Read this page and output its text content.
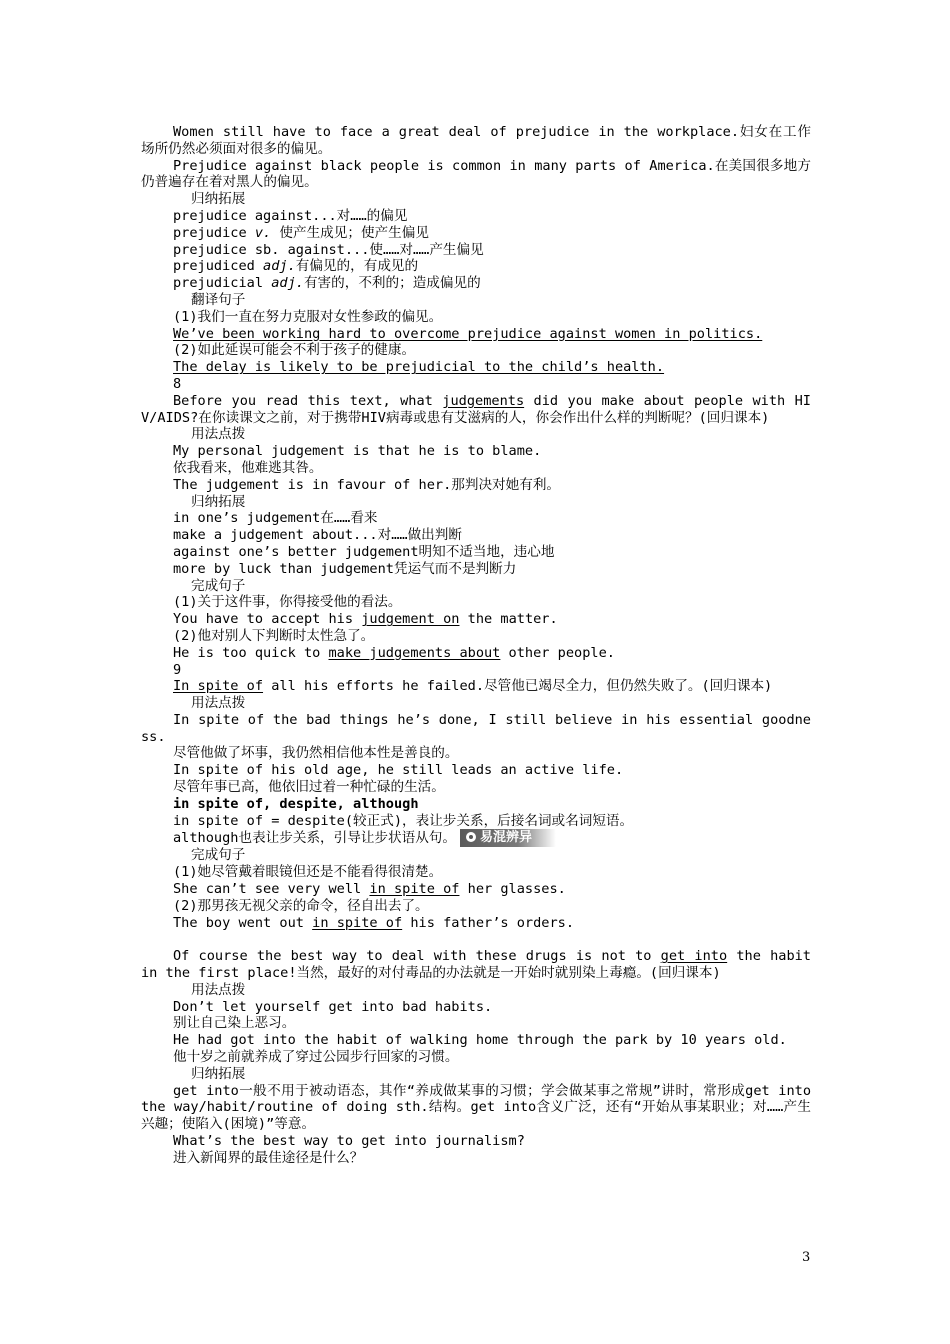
Women still have to face a great deal of prejudice in the workplace.妇女在工作场所仍然必须面对很多的偏见。

Prejudice against black people is common in many parts of America.在美国很多地方仍普遍存在着对黑人的偏见。

归纳拓展

prejudice against...对……的偏见

prejudice v. 使产生成见；使产生偏见

prejudice sb. against...使……对……产生偏见

prejudiced adj.有偏见的，有成见的

prejudicial adj.有害的，不利的；造成偏见的

翻译句子

(1)我们一直在努力克服对女性参政的偏见。

We’ve been working hard to overcome prejudice against women in politics.

(2)如此延误可能会不利于孩子的健康。

The delay is likely to be prejudicial to the child’s health.

8

Before you read this text, what judgements did you make about people with HIV/AIDS?在你读课文之前，对于携带HIV病毒或患有艾滋病的人，你会作出什么样的判断呢？(回归课本)

用法点拨

My personal judgement is that he is to blame.

依我看来，他难逃其咎。

The judgement is in favour of her.那判决对她有利。

归纳拓展

in one’s judgement在……看来

make a judgement about...对……做出判断

against one’s better judgement明知不适当地，违心地

more by luck than judgement凭运气而不是判断力

完成句子

(1)关于这件事，你得接受他的看法。

You have to accept his judgement on the matter.

(2)他对别人下判断时太性急了。

He is too quick to make judgements about other people.

9

In spite of all his efforts he failed.尽管他已竭尽全力，但仍然失败了。(回归课本)

用法点拨

In spite of the bad things he’s done, I still believe in his essential goodness.

尽管他做了坏事，我仍然相信他本性是善良的。

In spite of his old age, he still leads an active life.

尽管年事已高，他依旧过着一种忙碌的生活。

in spite of, despite, although

in spite of = despite(较正式)，表让步关系，后接名词或名词短语。

although也表让步关系，引导让步状语从句。 易混辨异

完成句子

(1)她尽管戴着眼镜但还是不能看得很清楚。

She can’t see very well in spite of her glasses.

(2)那男孩无视父亲的命令，径自出去了。

The boy went out in spite of his father’s orders.

Of course the best way to deal with these drugs is not to get into the habit in the first place!当然，最好的对付毒品的办法就是一开始时就别染上毒瘾。(回归课本)

用法点拨

Don’t let yourself get into bad habits.

别让自己染上恶习。

He had got into the habit of walking home through the park by 10 years old.

他十岁之前就养成了穿过公园步行回家的习惯。

归纳拓展

get into一般不用于被动语态，其作“养成做某事的习惯；学会做某事之常规”讲时，常形成get into the way/habit/routine of doing sth.结构。get into含义广泛，还有“开始从事某职业；对……产生兴趣；使陷入(困境)”等意。

What’s the best way to get into journalism?

进入新闻界的最佳途径是什么？

3
